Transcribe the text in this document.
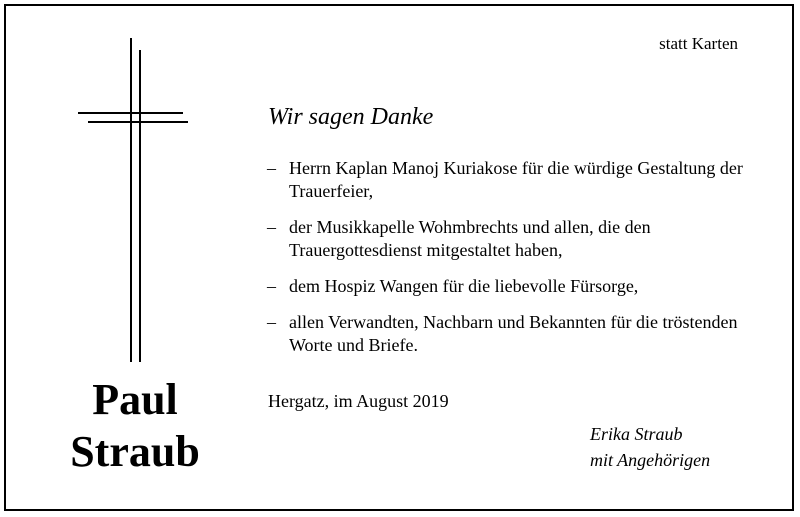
Paul
Straub
statt Karten
Wir sagen Danke
– Herrn Kaplan Manoj Kuriakose für die würdige Gestaltung der Trauerfeier,
– der Musikkapelle Wohmbrechts und allen, die den Trauergottesdienst mitgestaltet haben,
– dem Hospiz Wangen für die liebevolle Fürsorge,
– allen Verwandten, Nachbarn und Bekannten für die tröstenden Worte und Briefe.
Hergatz, im August 2019
Erika Straub
mit Angehörigen
